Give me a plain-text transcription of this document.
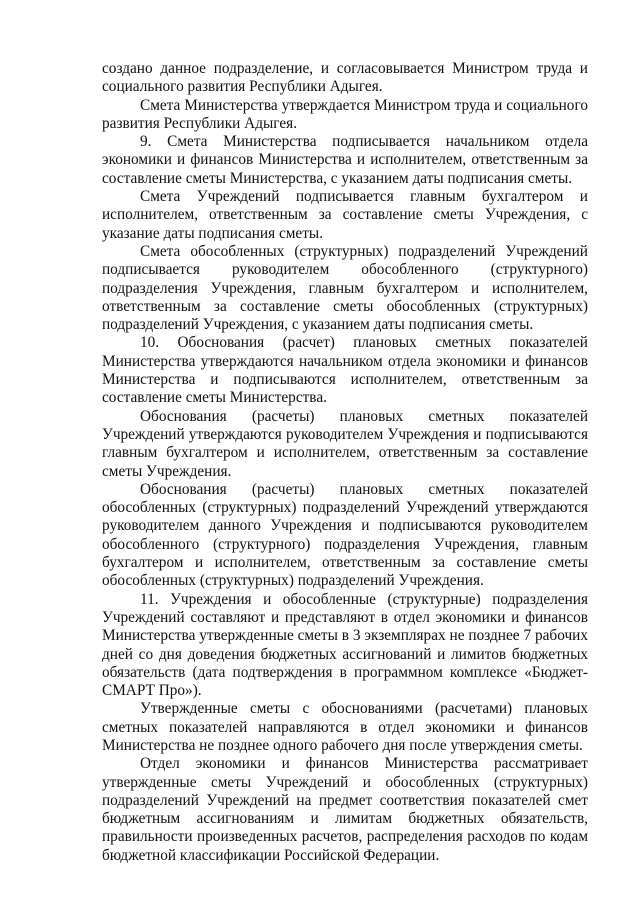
создано данное подразделение, и согласовывается Министром труда и социального развития Республики Адыгея.

Смета Министерства утверждается Министром труда и социального развития Республики Адыгея.

9. Смета Министерства подписывается начальником отдела экономики и финансов Министерства и исполнителем, ответственным за составление сметы Министерства, с указанием даты подписания сметы.

Смета Учреждений подписывается главным бухгалтером и исполнителем, ответственным за составление сметы Учреждения, с указание даты подписания сметы.

Смета обособленных (структурных) подразделений Учреждений подписывается руководителем обособленного (структурного) подразделения Учреждения, главным бухгалтером и исполнителем, ответственным за составление сметы обособленных (структурных) подразделений Учреждения, с указанием даты подписания сметы.

10. Обоснования (расчет) плановых сметных показателей Министерства утверждаются начальником отдела экономики и финансов Министерства и подписываются исполнителем, ответственным за составление сметы Министерства.

Обоснования (расчеты) плановых сметных показателей Учреждений утверждаются руководителем Учреждения и подписываются главным бухгалтером и исполнителем, ответственным за составление сметы Учреждения.

Обоснования (расчеты) плановых сметных показателей обособленных (структурных) подразделений Учреждений утверждаются руководителем данного Учреждения и подписываются руководителем обособленного (структурного) подразделения Учреждения, главным бухгалтером и исполнителем, ответственным за составление сметы обособленных (структурных) подразделений Учреждения.

11. Учреждения и обособленные (структурные) подразделения Учреждений составляют и представляют в отдел экономики и финансов Министерства утвержденные сметы в 3 экземплярах не позднее 7 рабочих дней со дня доведения бюджетных ассигнований и лимитов бюджетных обязательств (дата подтверждения в программном комплексе «Бюджет-СМАРТ Про»).

Утвержденные сметы с обоснованиями (расчетами) плановых сметных показателей направляются в отдел экономики и финансов Министерства не позднее одного рабочего дня после утверждения сметы.

Отдел экономики и финансов Министерства рассматривает утвержденные сметы Учреждений и обособленных (структурных) подразделений Учреждений на предмет соответствия показателей смет бюджетным ассигнованиям и лимитам бюджетных обязательств, правильности произведенных расчетов, распределения расходов по кодам бюджетной классификации Российской Федерации.
